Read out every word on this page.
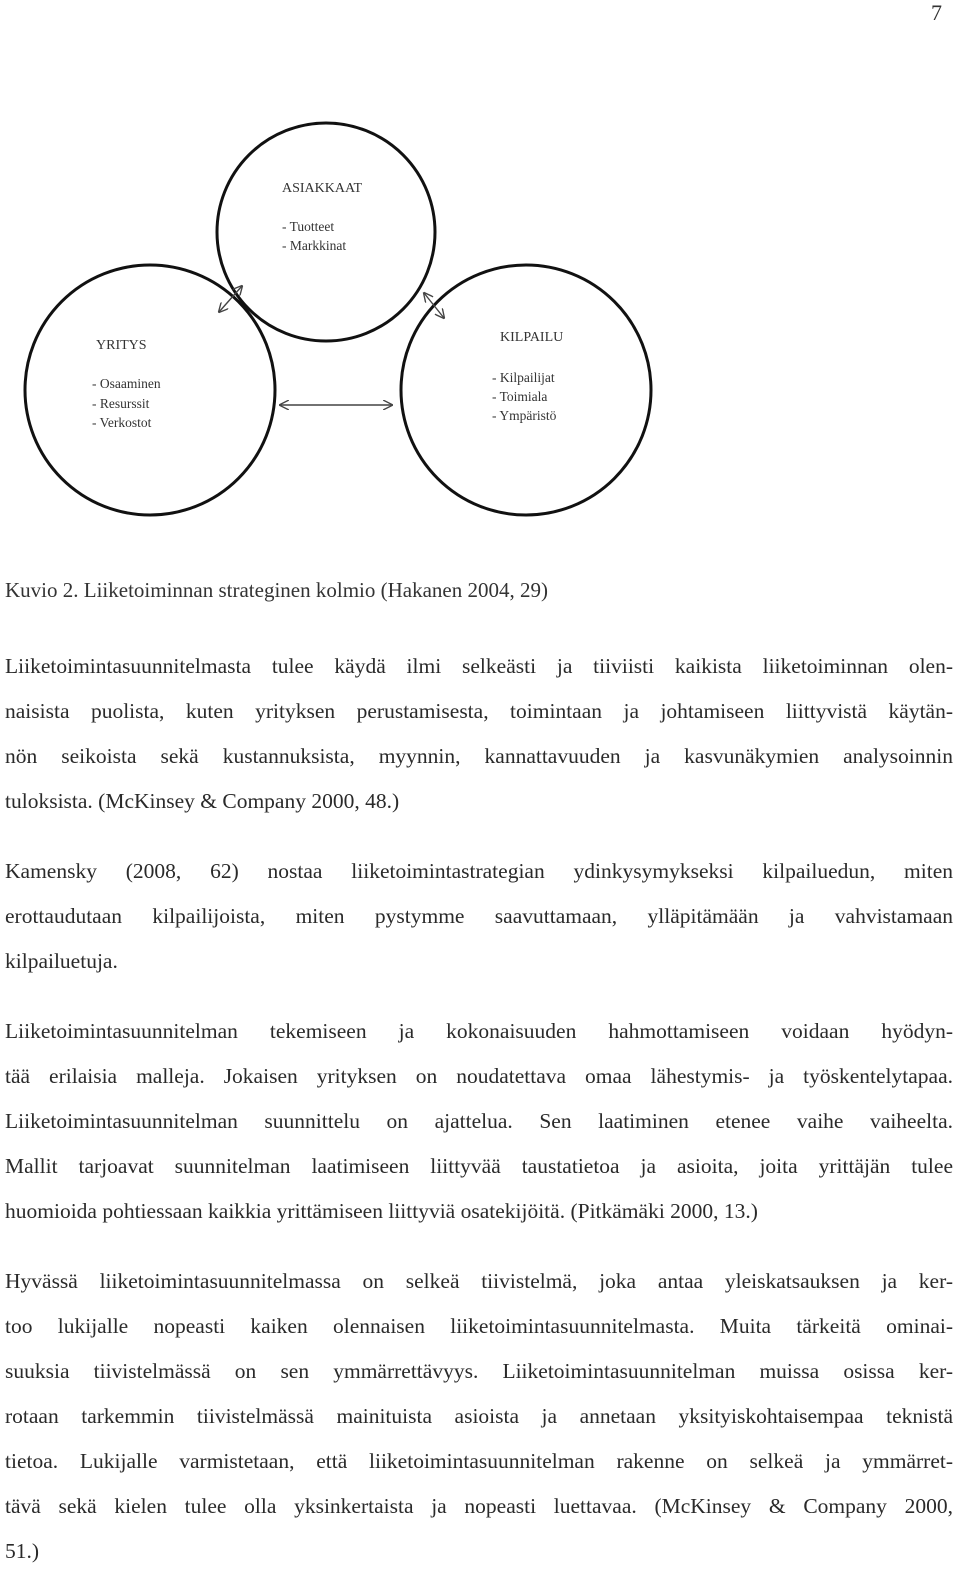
7
ASIAKKAAT
- Tuotteet
- Markkinat
YRITYS
- Osaaminen
- Resurssit
- Verkostot
KILPAILU
- Kilpailijat
- Toimiala
- Ympäristö
Kuvio 2. Liiketoiminnan strateginen kolmio (Hakanen 2004, 29)

Liiketoimintasuunnitelmasta tulee käydä ilmi selkeästi ja tiiviisti kaikista liiketoiminnan olen-
naisista puolista, kuten yrityksen perustamisesta, toimintaan ja johtamiseen liittyvistä käytän-
nön seikoista sekä kustannuksista, myynnin, kannattavuuden ja kasvunäkymien analysoinnin
tuloksista. (McKinsey & Company 2000, 48.)

Kamensky (2008, 62) nostaa liiketoimintastrategian ydinkysymykseksi kilpailuedun, miten
erottaudutaan kilpailijoista, miten pystymme saavuttamaan, ylläpitämään ja vahvistamaan
kilpailuetuja.

Liiketoimintasuunnitelman tekemiseen ja kokonaisuuden hahmottamiseen voidaan hyödyn-
tää erilaisia malleja. Jokaisen yrityksen on noudatettava omaa lähestymis- ja työskentelytapaa.
Liiketoimintasuunnitelman suunnittelu on ajattelua. Sen laatiminen etenee vaihe vaiheelta.
Mallit tarjoavat suunnitelman laatimiseen liittyvää taustatietoa ja asioita, joita yrittäjän tulee
huomioida pohtiessaan kaikkia yrittämiseen liittyviä osatekijöitä. (Pitkämäki 2000, 13.)

Hyvässä liiketoimintasuunnitelmassa on selkeä tiivistelmä, joka antaa yleiskatsauksen ja ker-
too lukijalle nopeasti kaiken olennaisen liiketoimintasuunnitelmasta. Muita tärkeitä ominai-
suuksia tiivistelmässä on sen ymmärrettävyys. Liiketoimintasuunnitelman muissa osissa ker-
rotaan tarkemmin tiivistelmässä mainituista asioista ja annetaan yksityiskohtaisempaa teknistä
tietoa. Lukijalle varmistetaan, että liiketoimintasuunnitelman rakenne on selkeä ja ymmärret-
tävä sekä kielen tulee olla yksinkertaista ja nopeasti luettavaa. (McKinsey & Company 2000,
51.)
